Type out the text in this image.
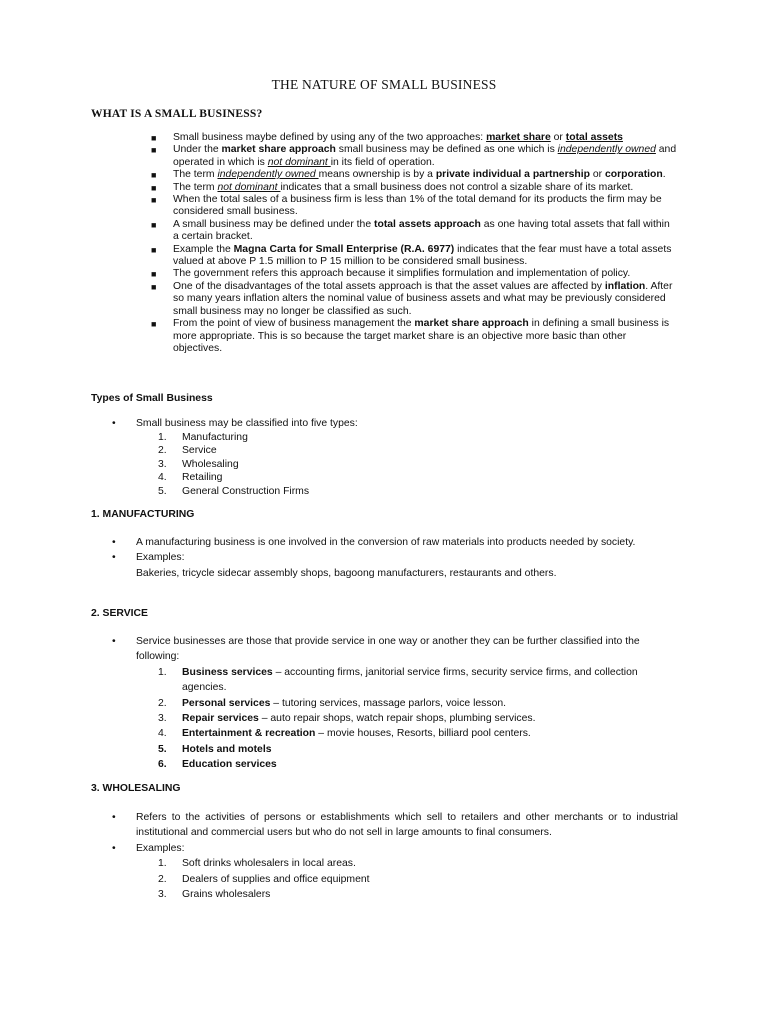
THE NATURE OF SMALL BUSINESS
WHAT IS A SMALL BUSINESS?
■ Small business maybe defined by using any of the two approaches: market share or total assets
■ Under the market share approach small business may be defined as one which is independently owned and operated in which is not dominant in its field of operation.
■ The term independently owned means ownership is by a private individual a partnership or corporation.
■ The term not dominant indicates that a small business does not control a sizable share of its market.
■ When the total sales of a business firm is less than 1% of the total demand for its products the firm may be considered small business.
■ A small business may be defined under the total assets approach as one having total assets that fall within a certain bracket.
■ Example the Magna Carta for Small Enterprise (R.A. 6977) indicates that the fear must have a total assets valued at above P 1.5 million to P 15 million to be considered small business.
■ The government refers this approach because it simplifies formulation and implementation of policy.
■ One of the disadvantages of the total assets approach is that the asset values are affected by inflation. After so many years inflation alters the nominal value of business assets and what may be previously considered small business may no longer be classified as such.
■ From the point of view of business management the market share approach in defining a small business is more appropriate. This is so because the target market share is an objective more basic than other objectives.
Types of Small Business
• Small business may be classified into five types:
1. Manufacturing
2. Service
3. Wholesaling
4. Retailing
5. General Construction Firms
1. MANUFACTURING
• A manufacturing business is one involved in the conversion of raw materials into products needed by society.
• Examples:
Bakeries, tricycle sidecar assembly shops, bagoong manufacturers, restaurants and others.
2. SERVICE
• Service businesses are those that provide service in one way or another they can be further classified into the following:
1. Business services – accounting firms, janitorial service firms, security service firms, and collection agencies.
2. Personal services – tutoring services, massage parlors, voice lesson.
3. Repair services – auto repair shops, watch repair shops, plumbing services.
4. Entertainment & recreation – movie houses, Resorts, billiard pool centers.
5. Hotels and motels
6. Education services
3. WHOLESALING
• Refers to the activities of persons or establishments which sell to retailers and other merchants or to industrial institutional and commercial users but who do not sell in large amounts to final consumers.
• Examples:
1. Soft drinks wholesalers in local areas.
2. Dealers of supplies and office equipment
3. Grains wholesalers
